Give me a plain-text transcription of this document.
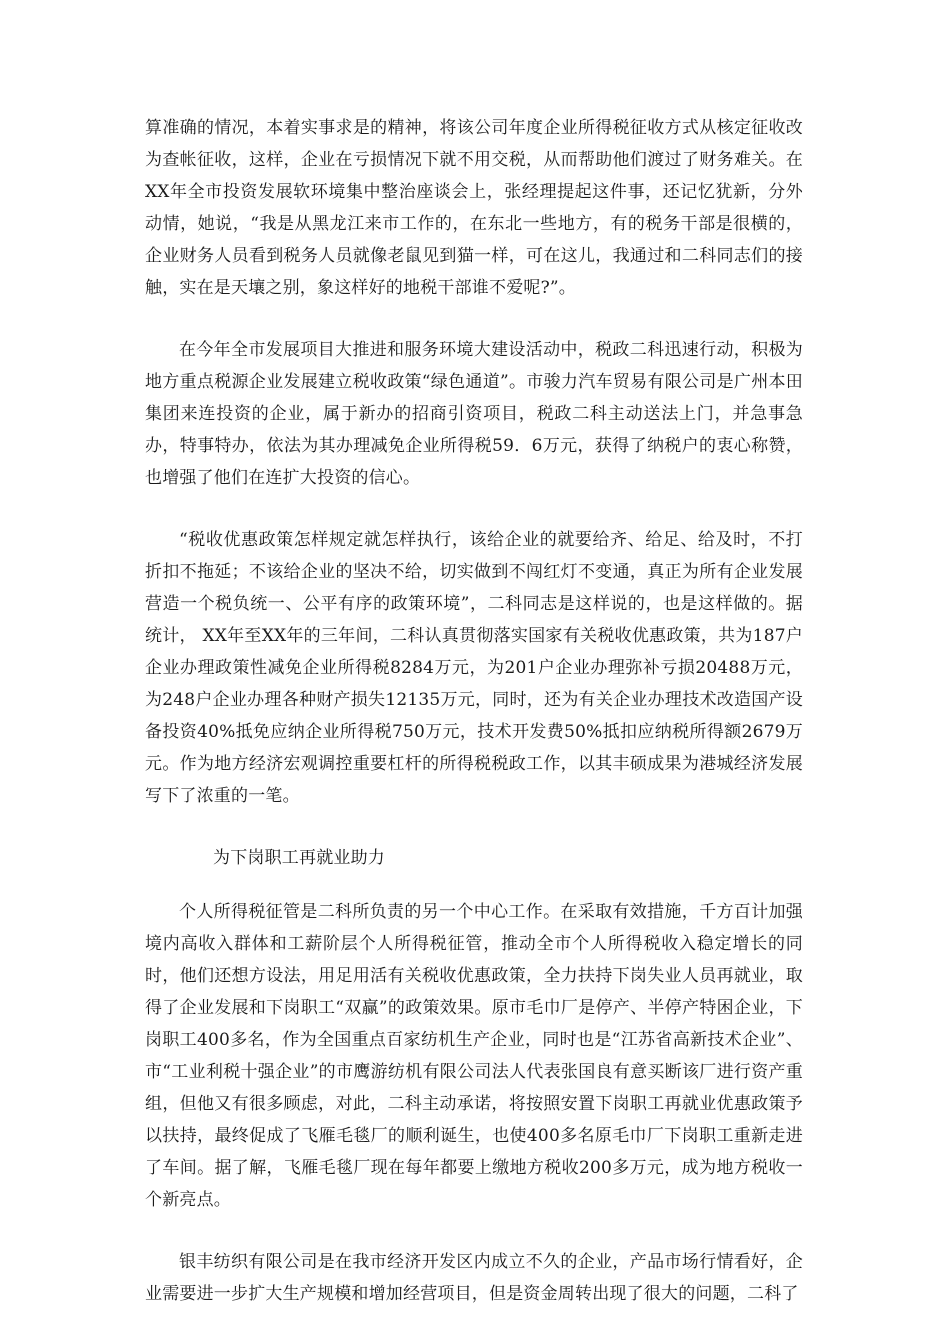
算准确的情况，本着实事求是的精神，将该公司年度企业所得税征收方式从核定征收改为查帐征收，这样，企业在亏损情况下就不用交税，从而帮助他们渡过了财务难关。在XX年全市投资发展软环境集中整治座谈会上，张经理提起这件事，还记忆犹新，分外动情，她说，“我是从黑龙江来市工作的，在东北一些地方，有的税务干部是很横的，企业财务人员看到税务人员就像老鼠见到猫一样，可在这儿，我通过和二科同志们的接触，实在是天壤之别，象这样好的地税干部谁不爱呢?”。

在今年全市发展项目大推进和服务环境大建设活动中，税政二科迅速行动，积极为地方重点税源企业发展建立税收政策“绿色通道”。市骏力汽车贸易有限公司是广州本田集团来连投资的企业，属于新办的招商引资项目，税政二科主动送法上门，并急事急办，特事特办，依法为其办理减免企业所得税59．6万元，获得了纳税户的衷心称赞，也增强了他们在连扩大投资的信心。

“税收优惠政策怎样规定就怎样执行，该给企业的就要给齐、给足、给及时，不打折扣不拖延；不该给企业的坚决不给，切实做到不闯红灯不变通，真正为所有企业发展营造一个税负统一、公平有序的政策环境”，二科同志是这样说的，也是这样做的。据统计， XX年至XX年的三年间，二科认真贯彻落实国家有关税收优惠政策，共为187户企业办理政策性减免企业所得税8284万元，为201户企业办理弥补亏损20488万元，为248户企业办理各种财产损失12135万元，同时，还为有关企业办理技术改造国产设备投资40%抵免应纳企业所得税750万元，技术开发费50%抵扣应纳税所得额2679万元。作为地方经济宏观调控重要杠杆的所得税税政工作，以其丰硕成果为港城经济发展写下了浓重的一笔。

为下岗职工再就业助力

个人所得税征管是二科所负责的另一个中心工作。在采取有效措施，千方百计加强境内高收入群体和工薪阶层个人所得税征管，推动全市个人所得税收入稳定增长的同时，他们还想方设法，用足用活有关税收优惠政策，全力扶持下岗失业人员再就业，取得了企业发展和下岗职工“双赢”的政策效果。原市毛巾厂是停产、半停产特困企业，下岗职工400多名，作为全国重点百家纺机生产企业，同时也是“江苏省高新技术企业”、市“工业利税十强企业”的市鹰游纺机有限公司法人代表张国良有意买断该厂进行资产重组，但他又有很多顾虑，对此，二科主动承诺，将按照安置下岗职工再就业优惠政策予以扶持，最终促成了飞雁毛毯厂的顺利诞生，也使400多名原毛巾厂下岗职工重新走进了车间。据了解，飞雁毛毯厂现在每年都要上缴地方税收200多万元，成为地方税收一个新亮点。

银丰纺织有限公司是在我市经济开发区内成立不久的企业，产品市场行情看好，企业需要进一步扩大生产规模和增加经营项目，但是资金周转出现了很大的问题，二科了
